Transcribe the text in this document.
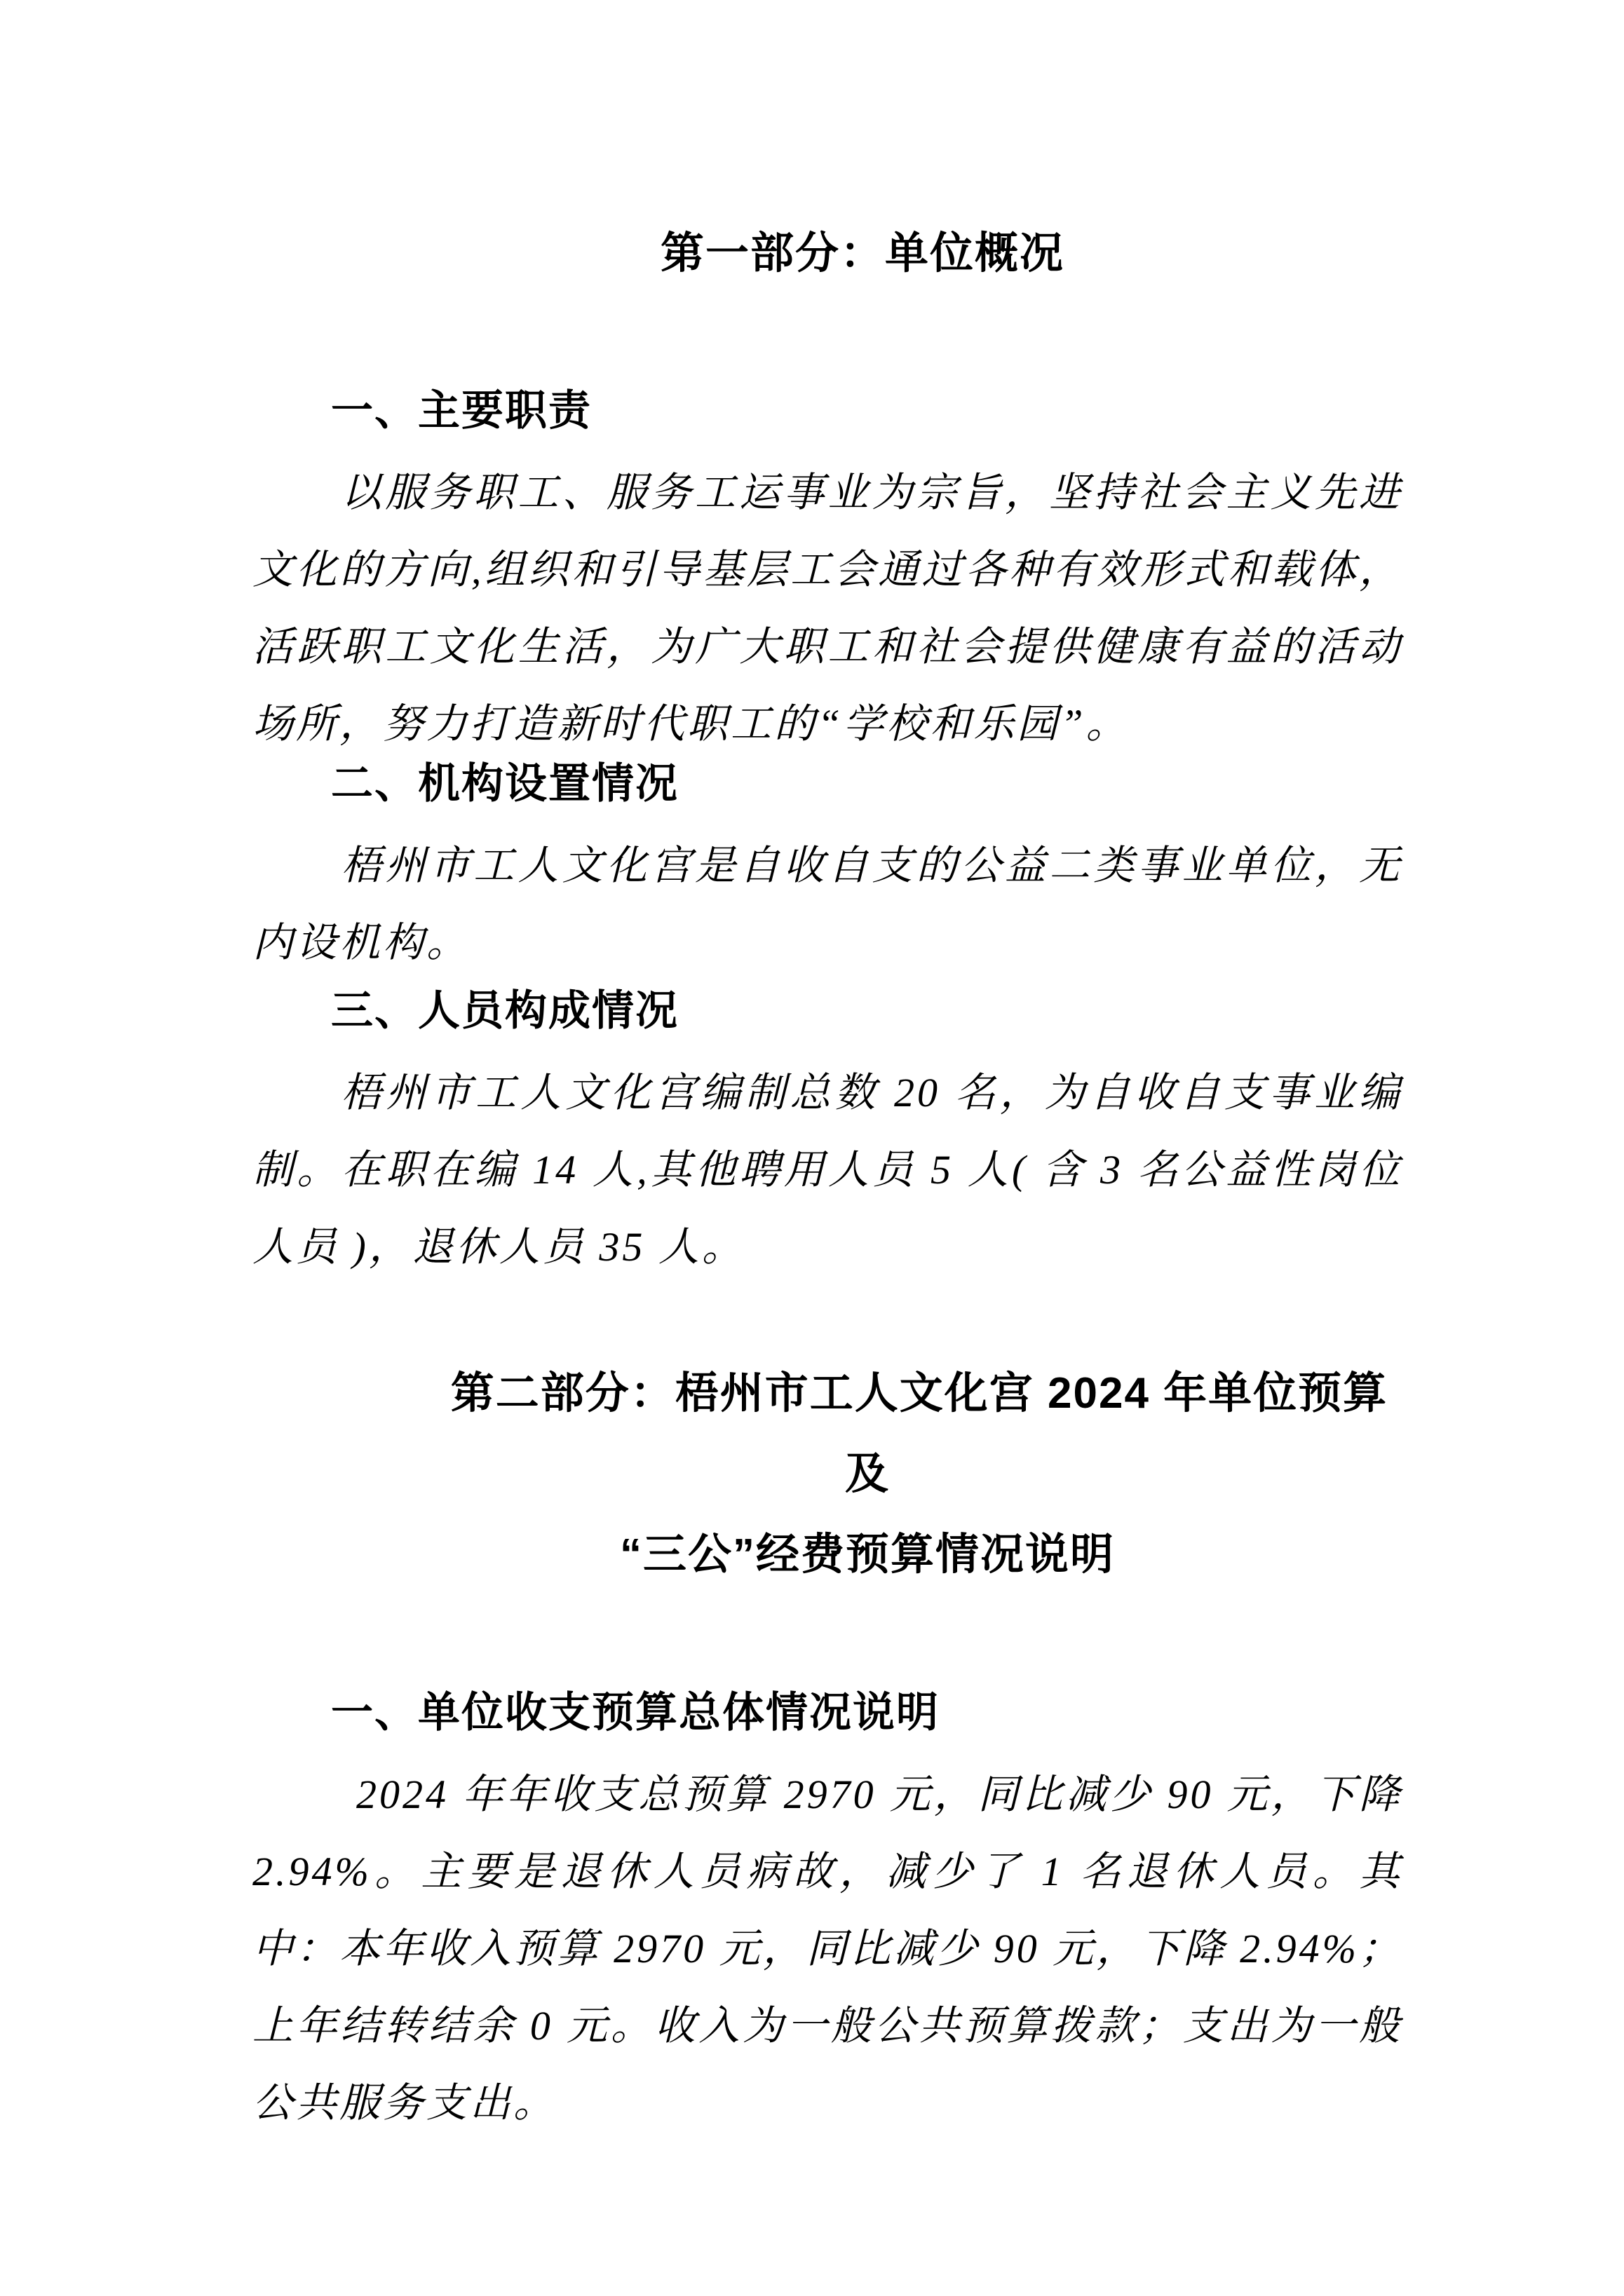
第一部分：单位概况
一、主要职责

以服务职工、服务工运事业为宗旨，坚持社会主义先进文化的方向,组织和引导基层工会通过各种有效形式和载体，活跃职工文化生活，为广大职工和社会提供健康有益的活动场所，努力打造新时代职工的“学校和乐园”。

二、机构设置情况

梧州市工人文化宫是自收自支的公益二类事业单位，无内设机构。

三、人员构成情况

梧州市工人文化宫编制总数 20 名，为自收自支事业编制。在职在编 14 人,其他聘用人员 5 人( 含 3 名公益性岗位人员 )，退休人员 35 人。

第二部分：梧州市工人文化宫 2024 年单位预算及
“三公”经费预算情况说明
一、单位收支预算总体情况说明

2024 年年收支总预算 2970 元，同比减少 90 元，下降 2.94%。主要是退休人员病故，减少了 1 名退休人员。其中：本年收入预算 2970 元，同比减少 90 元，下降 2.94%；上年结转结余 0 元。收入为一般公共预算拨款；支出为一般公共服务支出。
